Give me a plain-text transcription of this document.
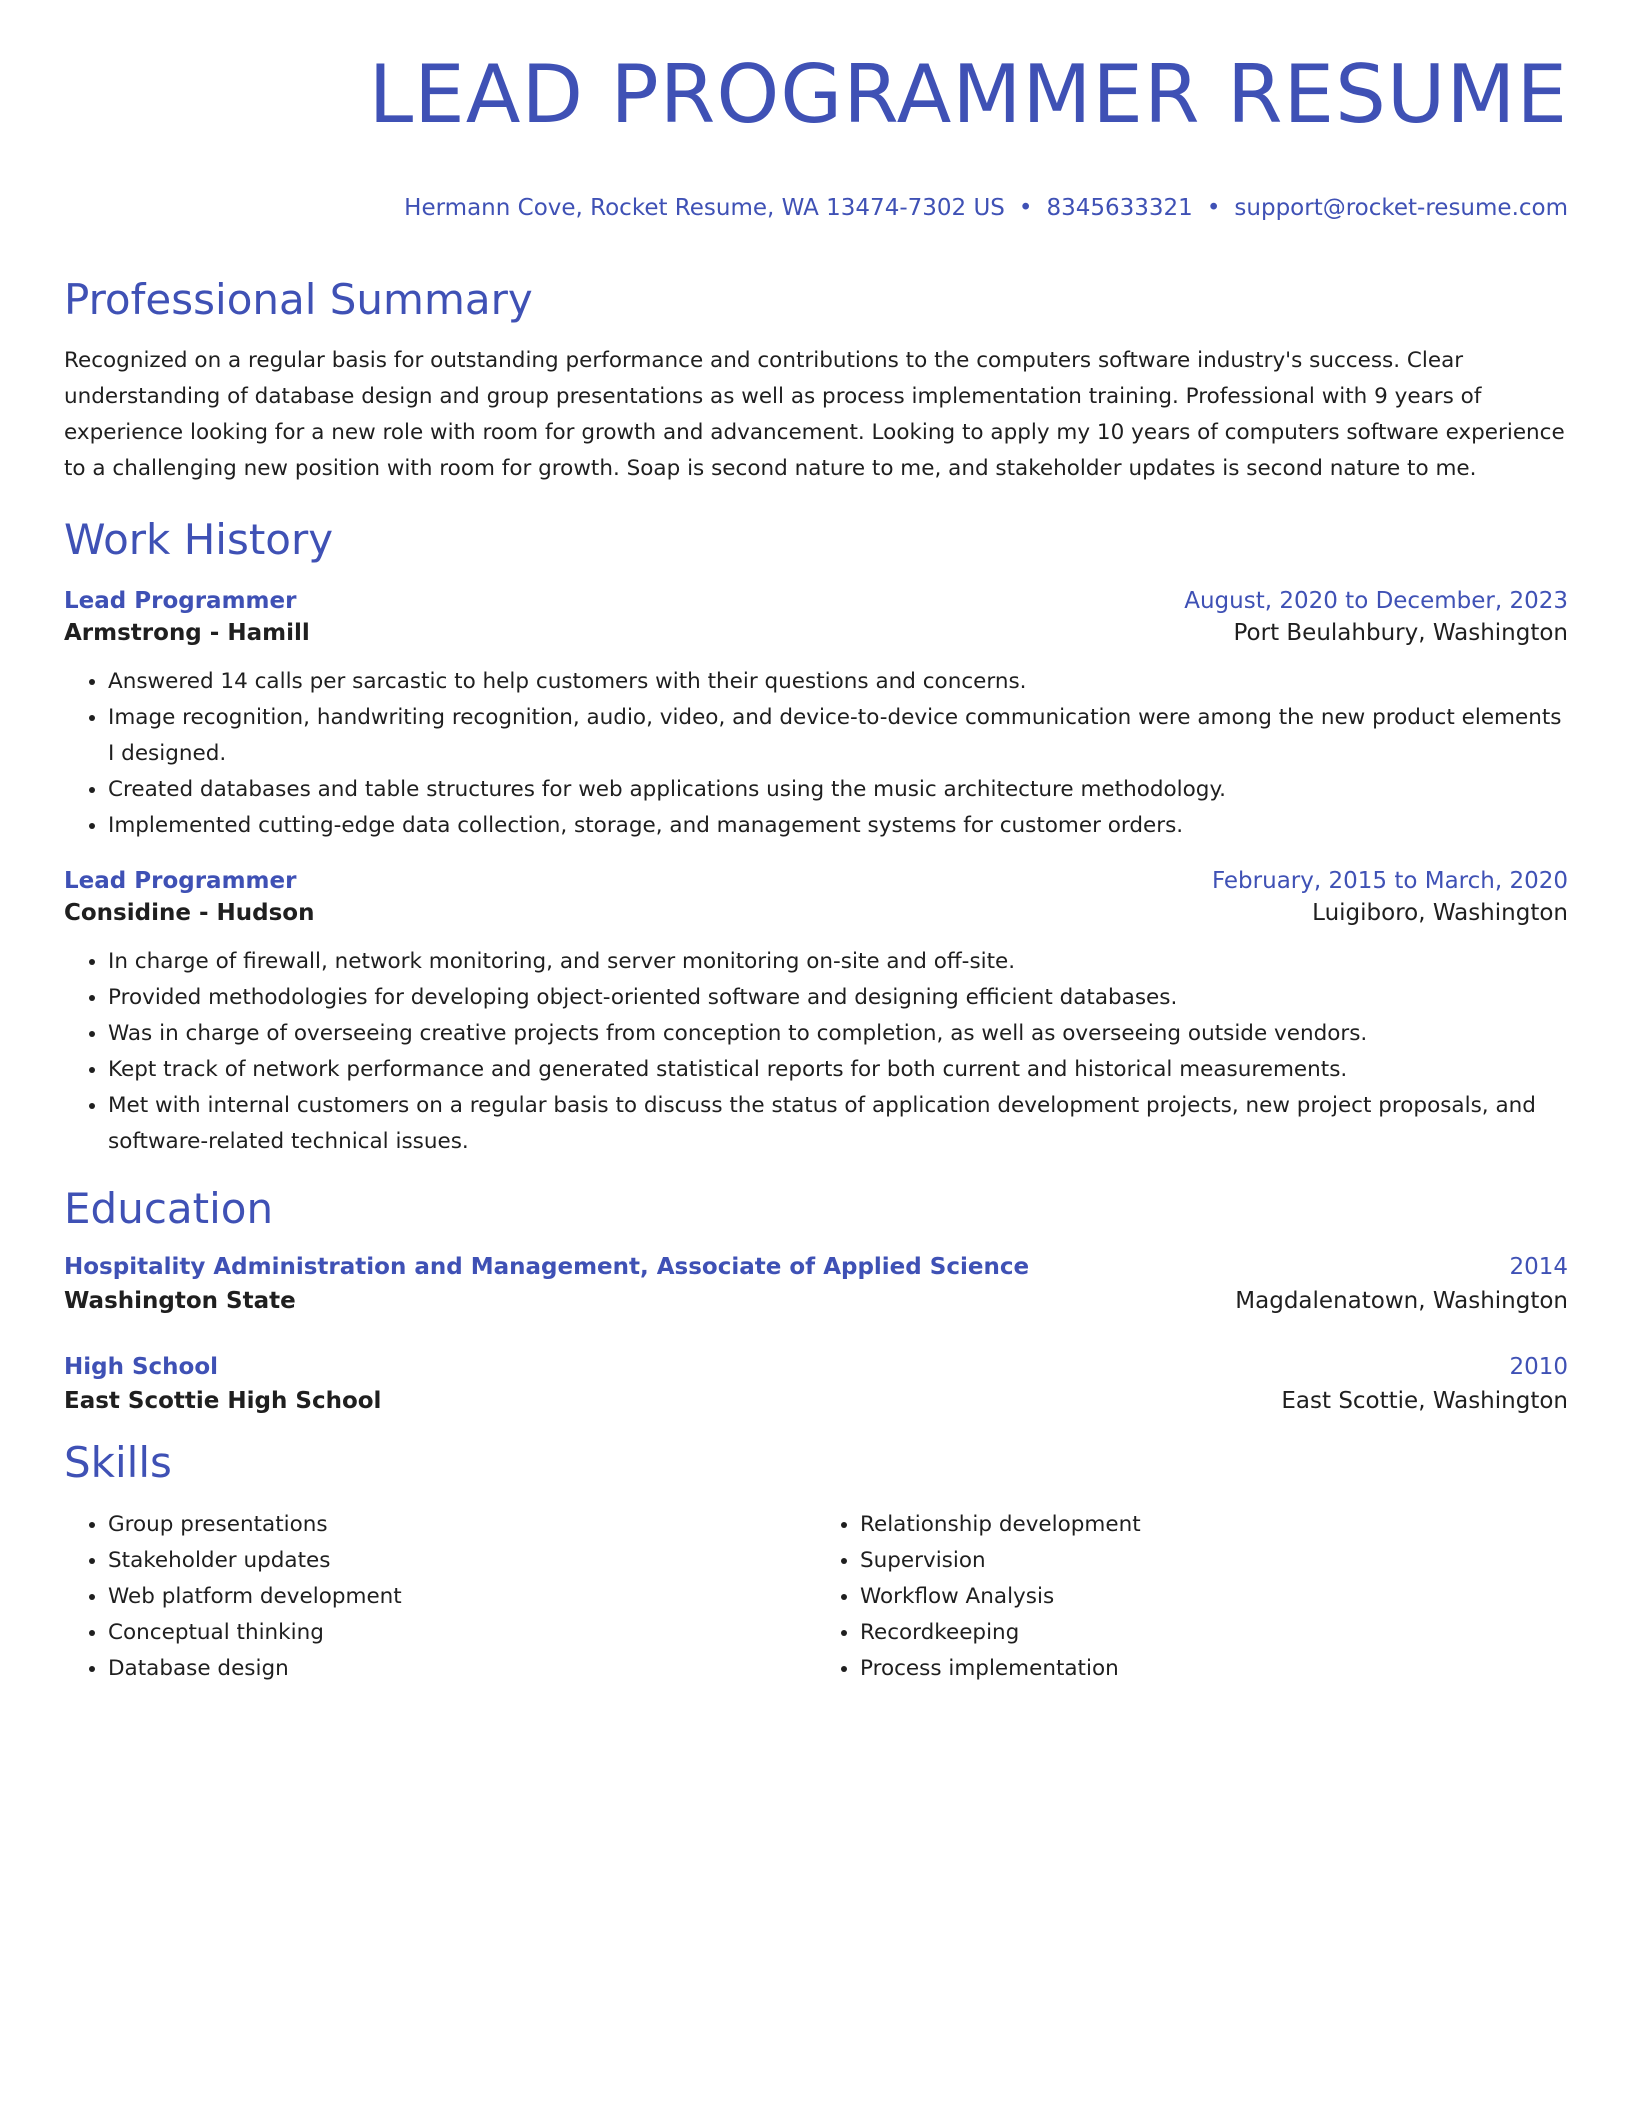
LEAD PROGRAMMER RESUME
Hermann Cove, Rocket Resume, WA 13474-7302 US • 8345633321 • support@rocket-resume.com
Professional Summary

Recognized on a regular basis for outstanding performance and contributions to the computers software industry's success. Clear understanding of database design and group presentations as well as process implementation training. Professional with 9 years of experience looking for a new role with room for growth and advancement. Looking to apply my 10 years of computers software experience to a challenging new position with room for growth. Soap is second nature to me, and stakeholder updates is second nature to me.

Work History
Lead Programmer	August, 2020 to December, 2023
Armstrong - Hamill	Port Beulahbury, Washington
• Answered 14 calls per sarcastic to help customers with their questions and concerns.
• Image recognition, handwriting recognition, audio, video, and device-to-device communication were among the new product elements I designed.
• Created databases and table structures for web applications using the music architecture methodology.
• Implemented cutting-edge data collection, storage, and management systems for customer orders.
Lead Programmer	February, 2015 to March, 2020
Considine - Hudson	Luigiboro, Washington
• In charge of firewall, network monitoring, and server monitoring on-site and off-site.
• Provided methodologies for developing object-oriented software and designing efficient databases.
• Was in charge of overseeing creative projects from conception to completion, as well as overseeing outside vendors.
• Kept track of network performance and generated statistical reports for both current and historical measurements.
• Met with internal customers on a regular basis to discuss the status of application development projects, new project proposals, and software-related technical issues.
Education
Hospitality Administration and Management, Associate of Applied Science	2014
Washington State	Magdalenatown, Washington
High School	2010
East Scottie High School	East Scottie, Washington
Skills
• Group presentations
• Stakeholder updates
• Web platform development
• Conceptual thinking
• Database design
• Relationship development
• Supervision
• Workflow Analysis
• Recordkeeping
• Process implementation
